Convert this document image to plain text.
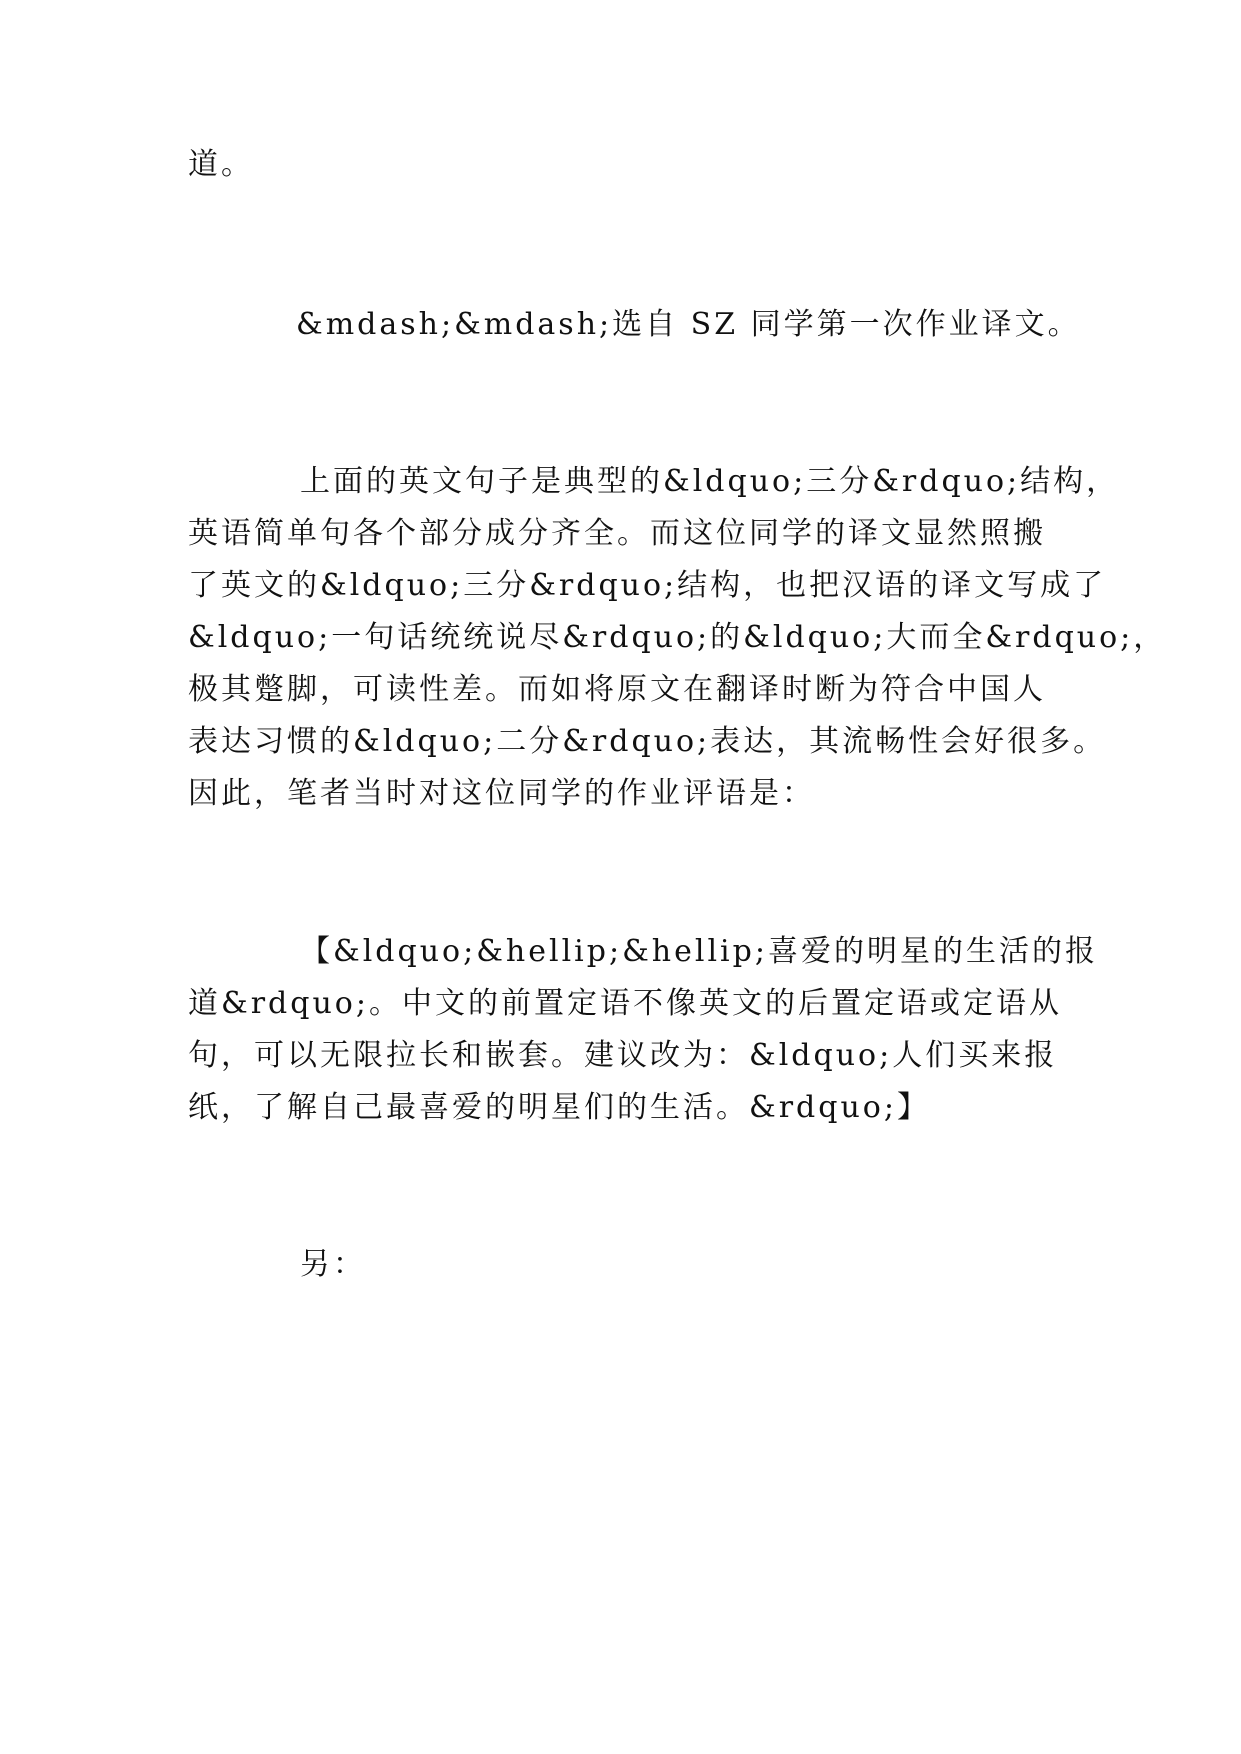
道。
&mdash;&mdash;选自 SZ 同学第一次作业译文。
上面的英文句子是典型的&ldquo;三分&rdquo;结构，
英语简单句各个部分成分齐全。而这位同学的译文显然照搬
了英文的&ldquo;三分&rdquo;结构，也把汉语的译文写成了
&ldquo;一句话统统说尽&rdquo;的&ldquo;大而全&rdquo;，
极其蹩脚，可读性差。而如将原文在翻译时断为符合中国人
表达习惯的&ldquo;二分&rdquo;表达，其流畅性会好很多。
因此，笔者当时对这位同学的作业评语是：
【&ldquo;&hellip;&hellip;喜爱的明星的生活的报
道&rdquo;。中文的前置定语不像英文的后置定语或定语从
句，可以无限拉长和嵌套。建议改为：&ldquo;人们买来报
纸，了解自己最喜爱的明星们的生活。&rdquo;】
另：
